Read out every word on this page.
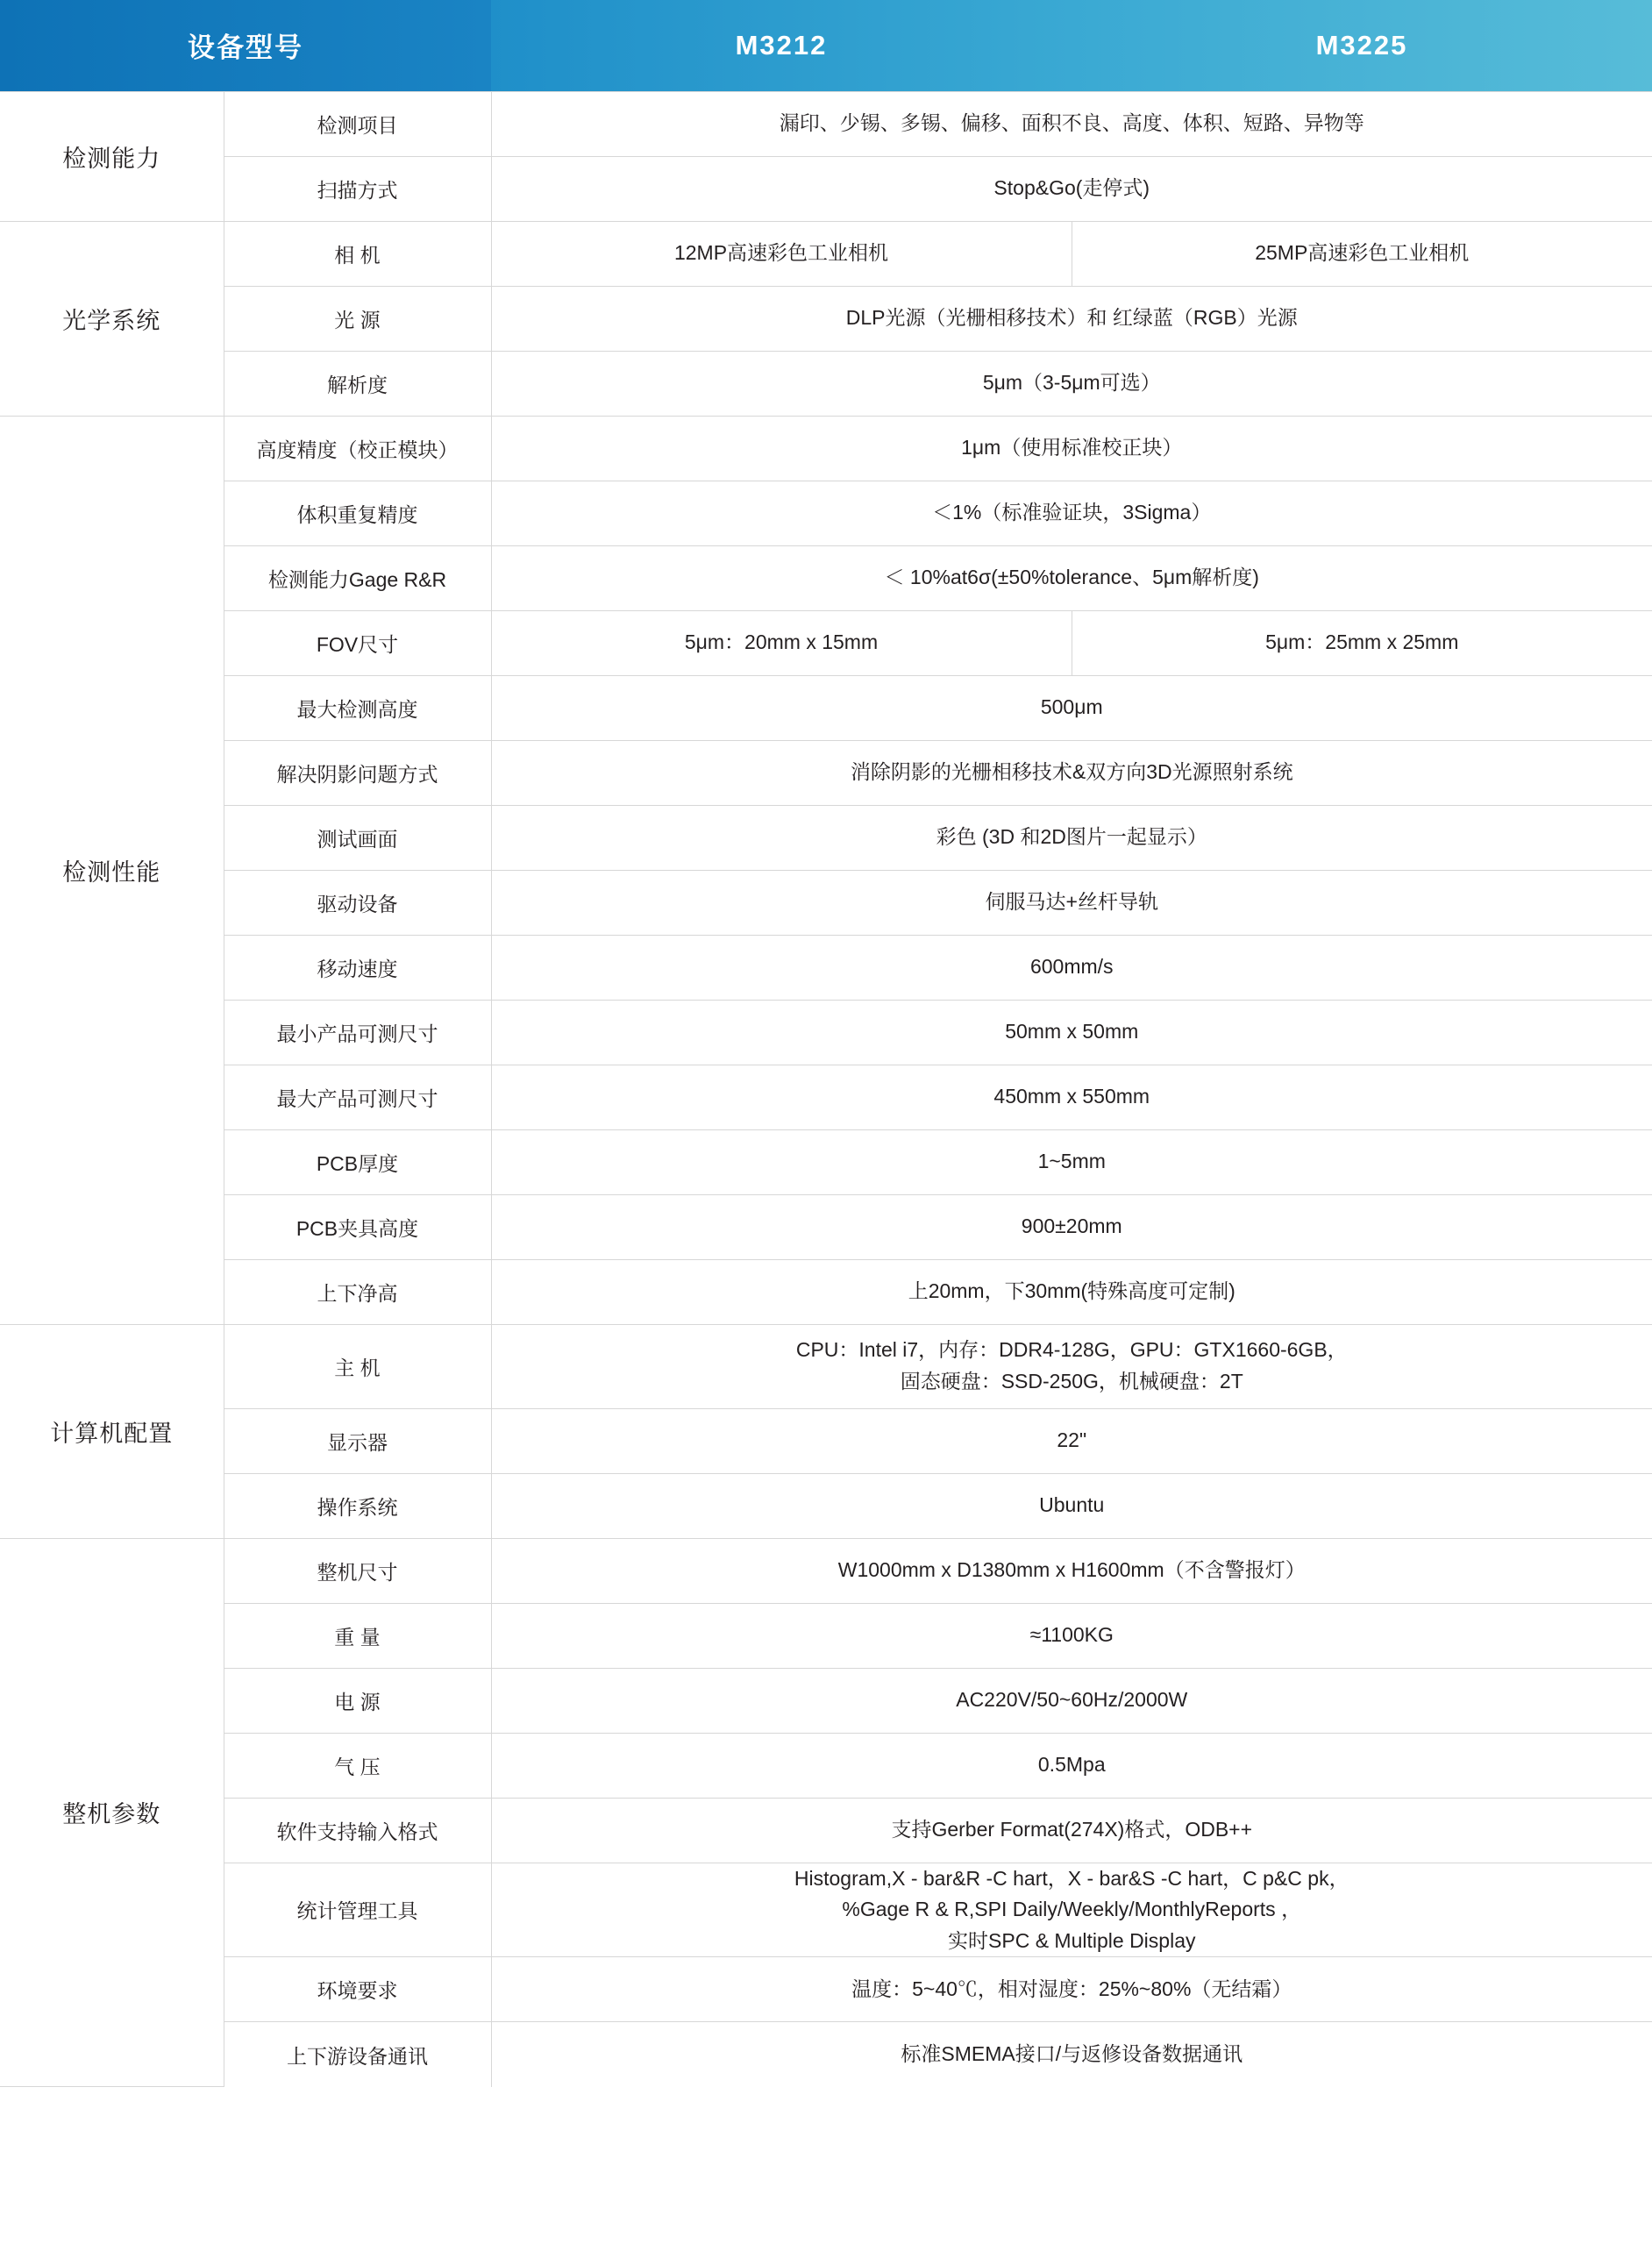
设备型号		M3212	M3225
检测能力	检测项目	漏印、少锡、多锡、偏移、面积不良、高度、体积、短路、异物等	
	扫描方式	Stop&Go(走停式)	
光学系统	相 机	12MP高速彩色工业相机	25MP高速彩色工业相机
	光 源	DLP光源（光栅相移技术）和 红绿蓝（RGB）光源	
	解析度	5μm（3-5μm可选）	
检测性能	高度精度（校正模块）	1μm（使用标准校正块）	
	体积重复精度	＜1%（标准验证块，3Sigma）	
	检测能力Gage R&R	＜ 10%at6σ(±50%tolerance、5μm解析度)	
	FOV尺寸	5μm：20mm x 15mm	5μm：25mm x 25mm
	最大检测高度	500μm	
	解决阴影问题方式	消除阴影的光栅相移技术&双方向3D光源照射系统	
	测试画面	彩色 (3D 和2D图片一起显示）	
	驱动设备	伺服马达+丝杆导轨	
	移动速度	600mm/s	
	最小产品可测尺寸	50mm x 50mm	
	最大产品可测尺寸	450mm x 550mm	
	PCB厚度	1~5mm	
	PCB夹具高度	900±20mm	
	上下净高	上20mm，下30mm(特殊高度可定制)	
计算机配置	主 机	CPU：Intel i7，内存：DDR4-128G，GPU：GTX1660-6GB，
固态硬盘：SSD-250G，机械硬盘：2T	
	显示器	22"	
	操作系统	Ubuntu	
整机参数	整机尺寸	W1000mm x D1380mm x H1600mm（不含警报灯）	
	重 量	≈1100KG	
	电 源	AC220V/50~60Hz/2000W	
	气 压	0.5Mpa	
	软件支持输入格式	支持Gerber Format(274X)格式，ODB++	
	统计管理工具	Histogram,X - bar&R -C hart，X - bar&S -C hart，C p&C pk，
%Gage R & R,SPI Daily/Weekly/MonthlyReports ，
实时SPC & Multiple Display	
	环境要求	温度：5~40℃，相对湿度：25%~80%（无结霜）	
	上下游设备通讯	标准SMEMA接口/与返修设备数据通讯	
